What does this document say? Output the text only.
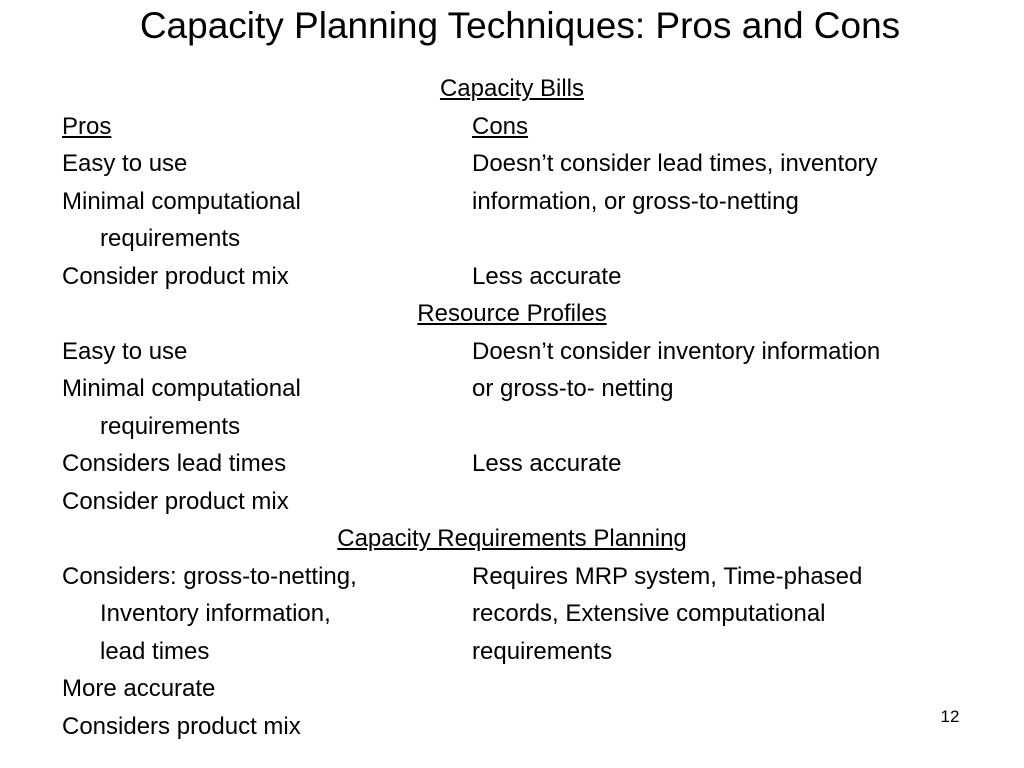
Capacity Planning Techniques: Pros and Cons
Capacity Bills
Pros	Cons
Easy to use	Doesn’t consider lead times, inventory
Minimal computational	information, or gross-to-netting
requirements
Consider product mix	Less accurate
Resource Profiles
Easy to use	Doesn’t consider inventory information
Minimal computational	or gross-to- netting
requirements
Considers lead times	Less accurate
Consider product mix
Capacity Requirements Planning
Considers: gross-to-netting,	Requires MRP system, Time-phased
Inventory information,	records, Extensive computational
lead times	requirements
More accurate
Considers product mix	12
